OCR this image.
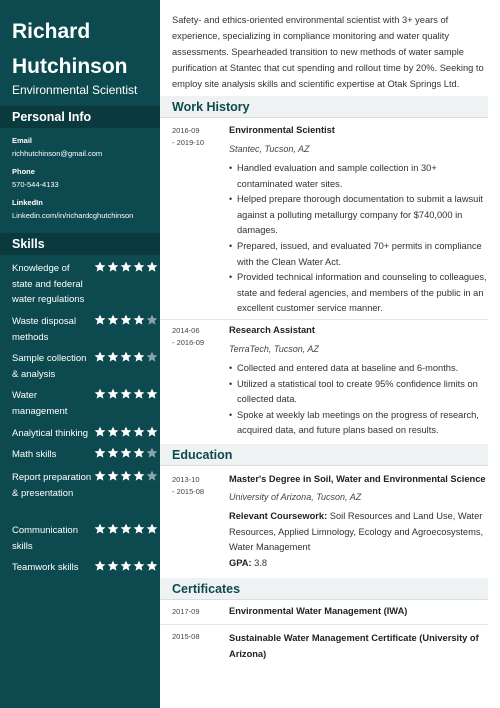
Richard
Hutchinson
Environmental Scientist
Personal Info
Email
richhutchinson@gmail.com
Phone
570-544-4133
LinkedIn
Linkedin.com/in/richardcghutchinson
Skills
Knowledge of state and federal water regulations
Waste disposal methods
Sample collection & analysis
Water management
Analytical thinking
Math skills
Report preparation & presentation
Communication skills
Teamwork skills
Safety- and ethics-oriented environmental scientist with 3+ years of experience, specializing in compliance monitoring and water quality assessments. Spearheaded transition to new methods of water sample purification at Stantec that cut spending and rollout time by 20%. Seeking to employ site analysis skills and scientific expertise at Otak Springs Ltd.
Work History
2016-09
- 2019-10
Environmental Scientist
Stantec, Tucson, AZ
• Handled evaluation and sample collection in 30+ contaminated water sites.
• Helped prepare thorough documentation to submit a lawsuit against a polluting metallurgy company for $740,000 in damages.
• Prepared, issued, and evaluated 70+ permits in compliance with the Clean Water Act.
• Provided technical information and counseling to colleagues, state and federal agencies, and members of the public in an excellent customer service manner.
2014-06
- 2016-09
Research Assistant
TerraTech, Tucson, AZ
• Collected and entered data at baseline and 6-months.
• Utilized a statistical tool to create 95% confidence limits on collected data.
• Spoke at weekly lab meetings on the progress of research, acquired data, and future plans based on results.
Education
2013-10
- 2015-08
Master's Degree in Soil, Water and Environmental Science
University of Arizona, Tucson, AZ
Relevant Coursework: Soil Resources and Land Use, Water Resources, Applied Limnology, Ecology and Agroecosystems, Water Management
GPA: 3.8
Certificates
2017-09	Environmental Water Management (IWA)
2015-08	Sustainable Water Management Certificate (University of Arizona)
